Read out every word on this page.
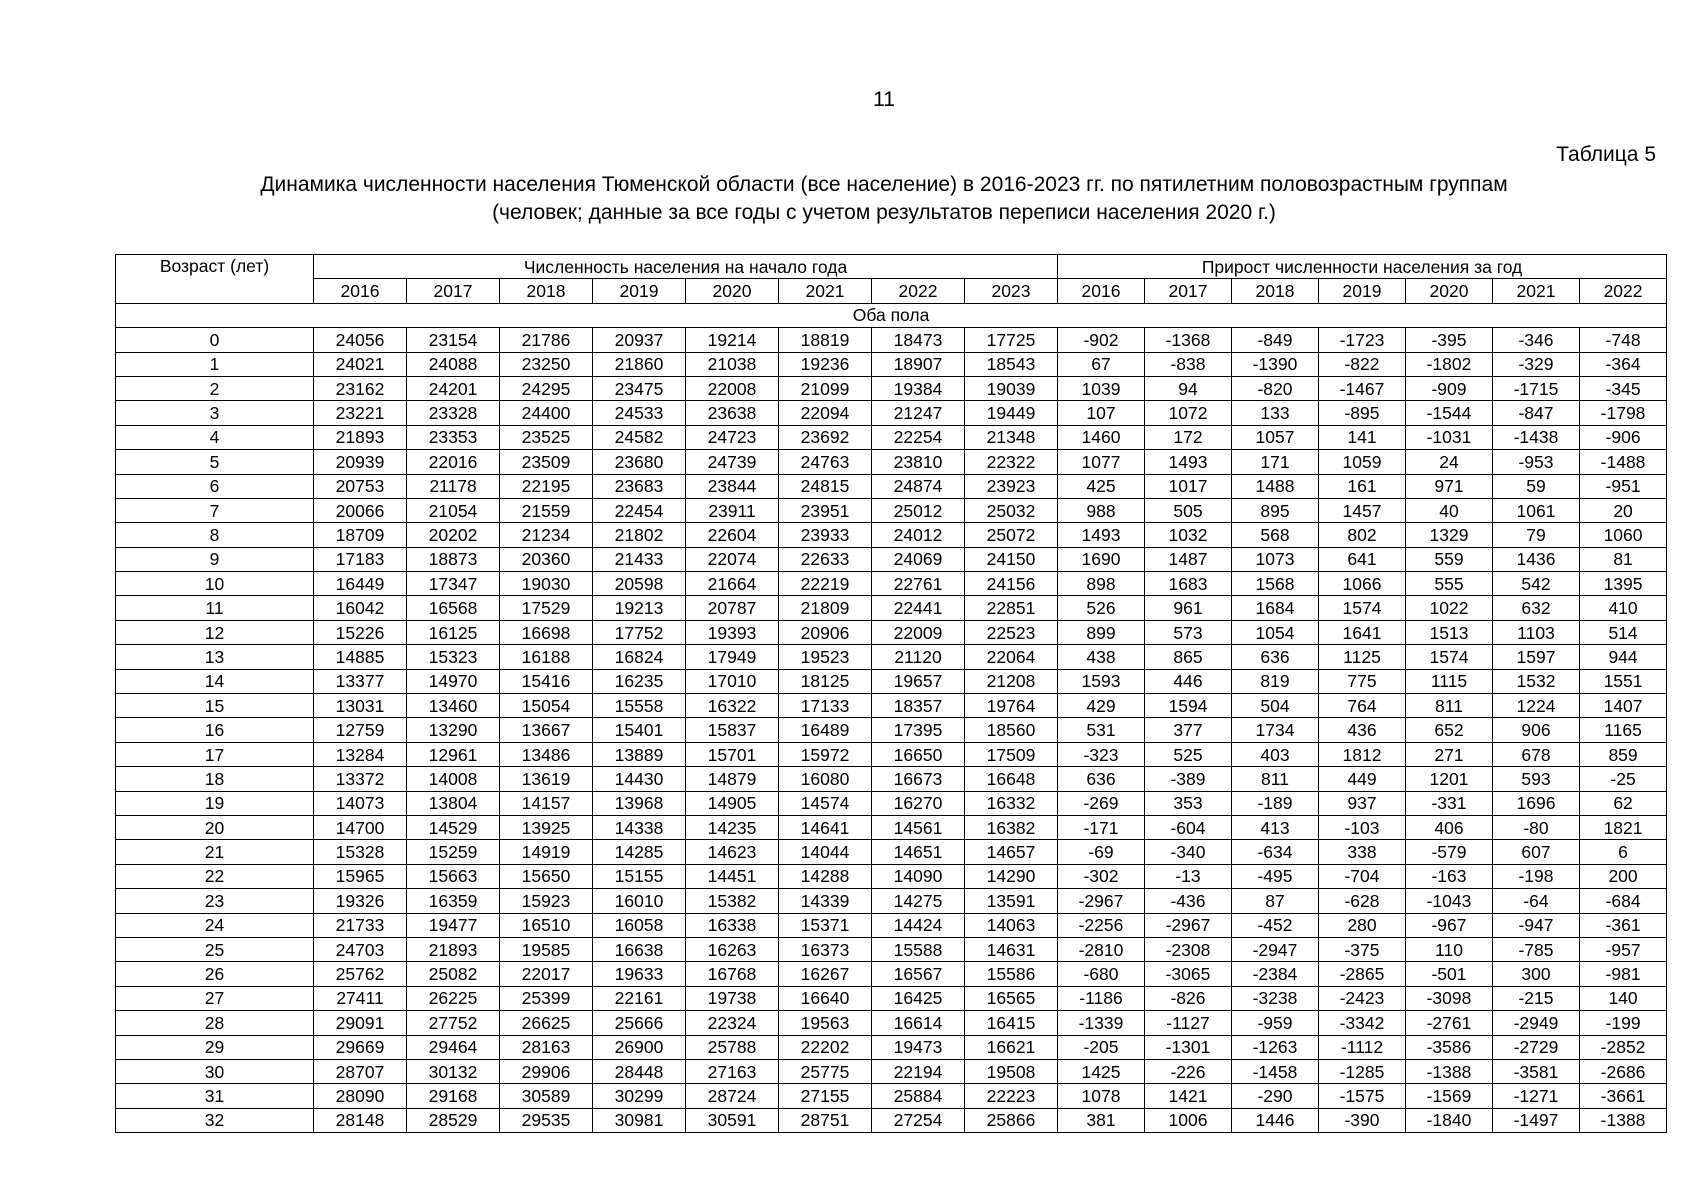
11
Таблица 5
Динамика численности населения Тюменской области (все население) в 2016-2023 гг. по пятилетним половозрастным группам
(человек; данные за все годы с учетом результатов переписи населения 2020 г.)
Возраст (лет)	Численность населения на начало года								Прирост численности населения за год						
	2016	2017	2018	2019	2020	2021	2022	2023	2016	2017	2018	2019	2020	2021	2022
Оба пола															
0	24056	23154	21786	20937	19214	18819	18473	17725	-902	-1368	-849	-1723	-395	-346	-748
1	24021	24088	23250	21860	21038	19236	18907	18543	67	-838	-1390	-822	-1802	-329	-364
2	23162	24201	24295	23475	22008	21099	19384	19039	1039	94	-820	-1467	-909	-1715	-345
3	23221	23328	24400	24533	23638	22094	21247	19449	107	1072	133	-895	-1544	-847	-1798
4	21893	23353	23525	24582	24723	23692	22254	21348	1460	172	1057	141	-1031	-1438	-906
5	20939	22016	23509	23680	24739	24763	23810	22322	1077	1493	171	1059	24	-953	-1488
6	20753	21178	22195	23683	23844	24815	24874	23923	425	1017	1488	161	971	59	-951
7	20066	21054	21559	22454	23911	23951	25012	25032	988	505	895	1457	40	1061	20
8	18709	20202	21234	21802	22604	23933	24012	25072	1493	1032	568	802	1329	79	1060
9	17183	18873	20360	21433	22074	22633	24069	24150	1690	1487	1073	641	559	1436	81
10	16449	17347	19030	20598	21664	22219	22761	24156	898	1683	1568	1066	555	542	1395
11	16042	16568	17529	19213	20787	21809	22441	22851	526	961	1684	1574	1022	632	410
12	15226	16125	16698	17752	19393	20906	22009	22523	899	573	1054	1641	1513	1103	514
13	14885	15323	16188	16824	17949	19523	21120	22064	438	865	636	1125	1574	1597	944
14	13377	14970	15416	16235	17010	18125	19657	21208	1593	446	819	775	1115	1532	1551
15	13031	13460	15054	15558	16322	17133	18357	19764	429	1594	504	764	811	1224	1407
16	12759	13290	13667	15401	15837	16489	17395	18560	531	377	1734	436	652	906	1165
17	13284	12961	13486	13889	15701	15972	16650	17509	-323	525	403	1812	271	678	859
18	13372	14008	13619	14430	14879	16080	16673	16648	636	-389	811	449	1201	593	-25
19	14073	13804	14157	13968	14905	14574	16270	16332	-269	353	-189	937	-331	1696	62
20	14700	14529	13925	14338	14235	14641	14561	16382	-171	-604	413	-103	406	-80	1821
21	15328	15259	14919	14285	14623	14044	14651	14657	-69	-340	-634	338	-579	607	6
22	15965	15663	15650	15155	14451	14288	14090	14290	-302	-13	-495	-704	-163	-198	200
23	19326	16359	15923	16010	15382	14339	14275	13591	-2967	-436	87	-628	-1043	-64	-684
24	21733	19477	16510	16058	16338	15371	14424	14063	-2256	-2967	-452	280	-967	-947	-361
25	24703	21893	19585	16638	16263	16373	15588	14631	-2810	-2308	-2947	-375	110	-785	-957
26	25762	25082	22017	19633	16768	16267	16567	15586	-680	-3065	-2384	-2865	-501	300	-981
27	27411	26225	25399	22161	19738	16640	16425	16565	-1186	-826	-3238	-2423	-3098	-215	140
28	29091	27752	26625	25666	22324	19563	16614	16415	-1339	-1127	-959	-3342	-2761	-2949	-199
29	29669	29464	28163	26900	25788	22202	19473	16621	-205	-1301	-1263	-1112	-3586	-2729	-2852
30	28707	30132	29906	28448	27163	25775	22194	19508	1425	-226	-1458	-1285	-1388	-3581	-2686
31	28090	29168	30589	30299	28724	27155	25884	22223	1078	1421	-290	-1575	-1569	-1271	-3661
32	28148	28529	29535	30981	30591	28751	27254	25866	381	1006	1446	-390	-1840	-1497	-1388
